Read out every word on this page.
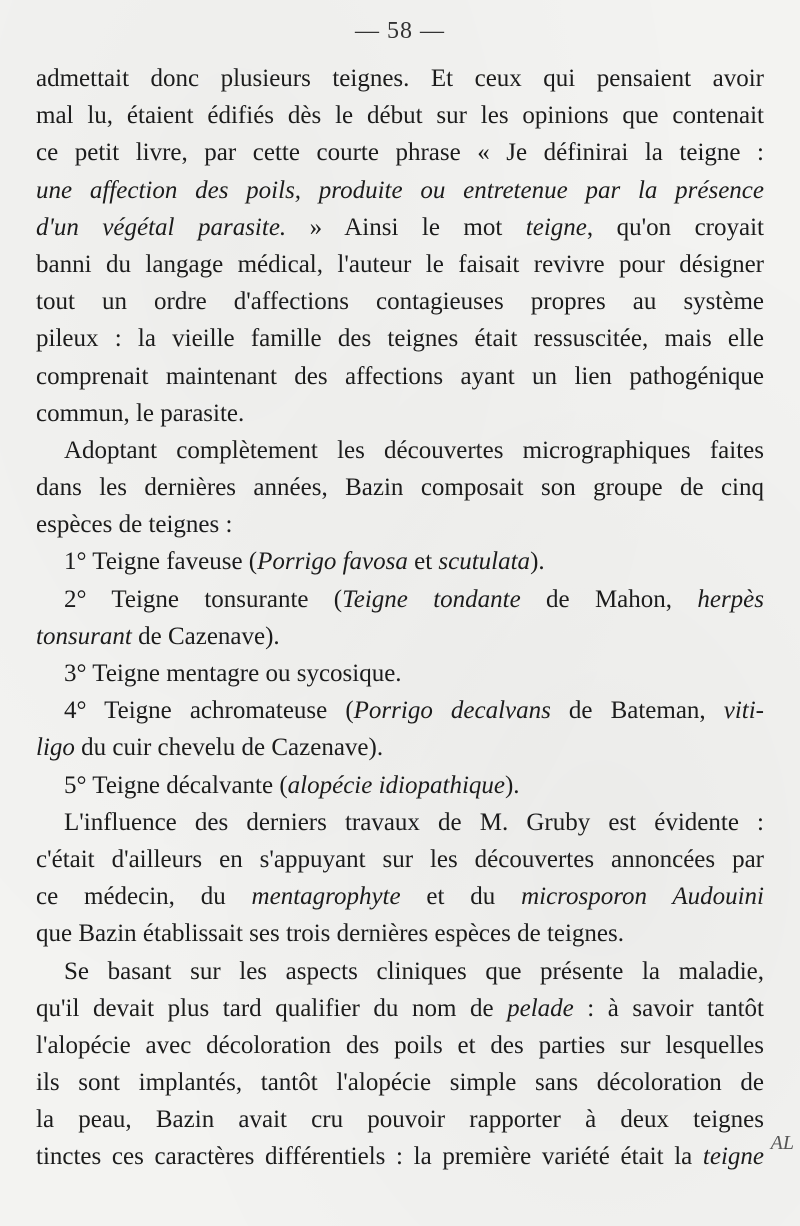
— 58 —
admettait donc plusieurs teignes. Et ceux qui pensaient avoir
mal lu, étaient édifiés dès le début sur les opinions que contenait
ce petit livre, par cette courte phrase « Je définirai la teigne :
une affection des poils, produite ou entretenue par la présence
d'un végétal parasite. » Ainsi le mot teigne, qu'on croyait
banni du langage médical, l'auteur le faisait revivre pour désigner
tout un ordre d'affections contagieuses propres au système
pileux : la vieille famille des teignes était ressuscitée, mais elle
comprenait maintenant des affections ayant un lien pathogénique
commun, le parasite.
Adoptant complètement les découvertes micrographiques faites
dans les dernières années, Bazin composait son groupe de cinq
espèces de teignes :
1° Teigne faveuse (Porrigo favosa et scutulata).
2° Teigne tonsurante (Teigne tondante de Mahon, herpès
tonsurant de Cazenave).
3° Teigne mentagre ou sycosique.
4° Teigne achromateuse (Porrigo decalvans de Bateman, viti-
ligo du cuir chevelu de Cazenave).
5° Teigne décalvante (alopécie idiopathique).
L'influence des derniers travaux de M. Gruby est évidente :
c'était d'ailleurs en s'appuyant sur les découvertes annoncées par
ce médecin, du mentagrophyte et du microsporon Audouini
que Bazin établissait ses trois dernières espèces de teignes.
Se basant sur les aspects cliniques que présente la maladie,
qu'il devait plus tard qualifier du nom de pelade : à savoir tantôt
l'alopécie avec décoloration des poils et des parties sur lesquelles
ils sont implantés, tantôt l'alopécie simple sans décoloration de
la peau, Bazin avait cru pouvoir rapporter à deux teignes
tinctes ces caractères différentiels : la première variété était la teigne
AL
